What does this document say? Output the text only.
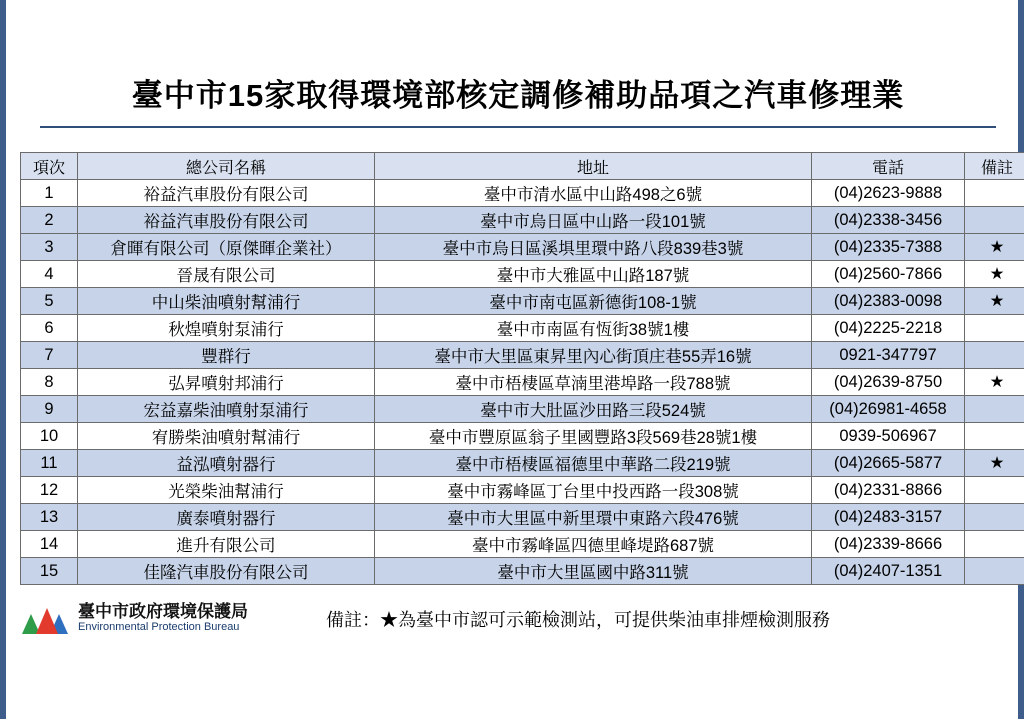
臺中市15家取得環境部核定調修補助品項之汽車修理業
項次	總公司名稱	地址	電話	備註
1	裕益汽車股份有限公司	臺中市清水區中山路498之6號	(04)2623-9888	
2	裕益汽車股份有限公司	臺中市烏日區中山路一段101號	(04)2338-3456	
3	倉暉有限公司（原傑暉企業社）	臺中市烏日區溪埧里環中路八段839巷3號	(04)2335-7388	★
4	晉晟有限公司	臺中市大雅區中山路187號	(04)2560-7866	★
5	中山柴油噴射幫浦行	臺中市南屯區新德街108-1號	(04)2383-0098	★
6	秋煌噴射泵浦行	臺中市南區有恆街38號1樓	(04)2225-2218	
7	豐群行	臺中市大里區東昇里內心街頂庄巷55弄16號	0921-347797	
8	弘昇噴射邦浦行	臺中市梧棲區草湳里港埠路一段788號	(04)2639-8750	★
9	宏益嘉柴油噴射泵浦行	臺中市大肚區沙田路三段524號	(04)26981-4658	
10	宥勝柴油噴射幫浦行	臺中市豐原區翁子里國豐路3段569巷28號1樓	0939-506967	
11	益泓噴射器行	臺中市梧棲區福德里中華路二段219號	(04)2665-5877	★
12	光榮柴油幫浦行	臺中市霧峰區丁台里中投西路一段308號	(04)2331-8866	
13	廣泰噴射器行	臺中市大里區中新里環中東路六段476號	(04)2483-3157	
14	進升有限公司	臺中市霧峰區四德里峰堤路687號	(04)2339-8666	
15	佳隆汽車股份有限公司	臺中市大里區國中路311號	(04)2407-1351	
臺中市政府環境保護局
Environmental Protection Bureau	備註：★為臺中市認可示範檢測站，可提供柴油車排煙檢測服務
